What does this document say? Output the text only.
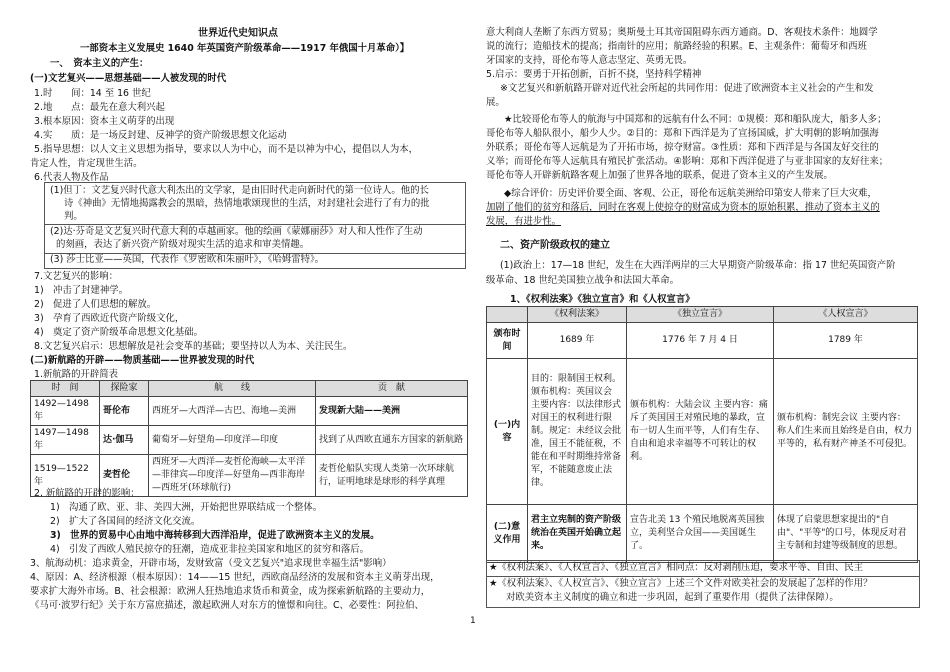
世界近代史知识点
一部资本主义发展史 1640 年英国资产阶级革命——1917 年俄国十月革命）】
一、　资本主义的产生：
(一)文艺复兴——思想基础——人被发现的时代
1.时　　间：14 至 16 世纪
2.地　　点：最先在意大利兴起
3.根本原因：资本主义萌芽的出现
4.实　　质：是一场反封建、反神学的资产阶级思想文化运动
5.指导思想：以人文主义思想为指导，要求以人为中心，而不是以神为中心，提倡以人为本，
肯定人性，肯定现世生活。
6.代表人物及作品
(1)但丁：文艺复兴时代意大利杰出的文学家，是由旧时代走向新时代的第一位诗人。他的长
诗《神曲》无情地揭露教会的黑暗，热情地歌颂现世的生活，对封建社会进行了有力的批
判。
(2)达·芬奇是文艺复兴时代意大利的卓越画家。他的绘画《蒙娜丽莎》对人和人性作了生动
的刻画，表达了新兴资产阶级对现实生活的追求和审美情趣。
(3) 莎士比亚——英国，代表作《罗密欧和朱丽叶》，《哈姆雷特》。
7.文艺复兴的影响：
1)　冲击了封建神学。
2)　促进了人们思想的解放。
3)　孕育了西欧近代资产阶级文化，
4)　奠定了资产阶级革命思想文化基础。
8.文艺复兴启示：思想解放是社会变革的基础；要坚持以人为本、关注民生。
(二)新航路的开辟——物质基础——世界被发现的时代
1.新航路的开辟简表
时　间	探险家	航　　线	贡　献
1492—1498 年	哥伦布	西班牙—大西洋—古巴、海地—美洲	发现新大陆——美洲
1497—1498 年	达·伽马	葡萄牙—好望角—印度洋—印度	找到了从西欧直通东方国家的新航路
1519—1522 年	麦哲伦	西班牙—大西洋—麦哲伦海峡—太平洋—菲律宾—印度洋—好望角—西非海岸—西班牙(环球航行)	麦哲伦船队实现人类第一次环球航行，证明地球是球形的科学真理
2. 新航路的开辟的影响：
1)　沟通了欧、亚、非、美四大洲，开始把世界联结成一个整体。
2)　扩大了各国间的经济文化交流。
3)　世界的贸易中心由地中海转移到大西洋沿岸，促进了欧洲资本主义的发展。
4)　引发了西欧人殖民掠夺的狂潮，造成亚非拉美国家和地区的贫穷和落后。
3、航海动机：追求黄金，开辟市场，发财致富（受文艺复兴"追求现世幸福生活"影响）
4、原因：A、经济根源（根本原因）：14——15 世纪，西欧商品经济的发展和资本主义萌芽出现，
要求扩大海外市场。B、社会根源：欧洲人狂热地追求货币和黄金，成为探索新航路的主要动力，
《马可·波罗行纪》关于东方富庶描述，激起欧洲人对东方的憧憬和向往。C、必要性：阿拉伯、
意大利商人垄断了东西方贸易；奥斯曼土耳其帝国阻碍东西方通商。D、客观技术条件：地圆学
说的流行；造船技术的提高；指南针的应用；航路经验的积累。E、主观条件：葡萄牙和西班
牙国家的支持，哥伦布等人意志坚定、英勇无畏。
5.启示：要勇于开拓创新，百折不挠，坚持科学精神
※文艺复兴和新航路开辟对近代社会所起的共同作用：促进了欧洲资本主义社会的产生和发
展。
★比较哥伦布等人的航海与中国郑和的远航有什么不同：①规模：郑和船队庞大，船多人多；
哥伦布等人船队很小，船少人少。②目的：郑和下西洋是为了宣扬国威，扩大明朝的影响加强海
外联系；哥伦布等人远航是为了开拓市场，掠夺财富。③性质：郑和下西洋是与各国友好交往的
义举；而哥伦布等人远航具有殖民扩张活动。④影响：郑和下西洋促进了与亚非国家的友好往来；
哥伦布等人开辟新航路客观上加强了世界各地的联系，促进了资本主义的产生发展。
◆综合评价：历史评价要全面、客观、公正，哥伦布远航美洲给印第安人带来了巨大灾难，
加剧了他们的贫穷和落后，同时在客观上使掠夺的财富成为资本的原始积累，推动了资本主义的
发展，有进步性。
二、资产阶级政权的建立
(1)政治上：17—18 世纪，发生在大西洋两岸的三大早期资产阶级革命：指 17 世纪英国资产阶
级革命、18 世纪美国独立战争和法国大革命。
1、《权利法案》《独立宣言》和《人权宣言》
	《权利法案》	《独立宣言》	《人权宣言》
颁布时间	1689 年	1776 年 7 月 4 日	1789 年
(一)内容	目的：限制国王权利。颁布机构：英国议会 主要内容：以法律形式对国王的权利进行限制。规定：未经议会批准，国王不能征税，不能在和平时期维持常备军，不能随意废止法律。	颁布机构：大陆会议 主要内容：痛斥了英国国王对殖民地的暴政，宣布一切人生而平等，人们有生存、自由和追求幸福等不可转让的权利。	颁布机构：制宪会议 主要内容：称人们生来而且始终是自由，权力平等的，私有财产神圣不可侵犯。
(二)意义作用	君主立宪制的资产阶级统治在英国开始确立起来。	宣告北美 13 个殖民地脱离英国独立，美利坚合众国——美国诞生了。	体现了启蒙思想家提出的"自由"、"平等"的口号，体现反对君主专制和封建等级制度的思想。
★《权利法案》、《人权宣言》、《独立宣言》相同点：反对剥削压迫，要求平等、自由、民主
★《权利法案》、《人权宣言》、《独立宣言》上述三个文件对欧美社会的发展起了怎样的作用？
对欧美资本主义制度的确立和进一步巩固，起到了重要作用（提供了法律保障）。
1
